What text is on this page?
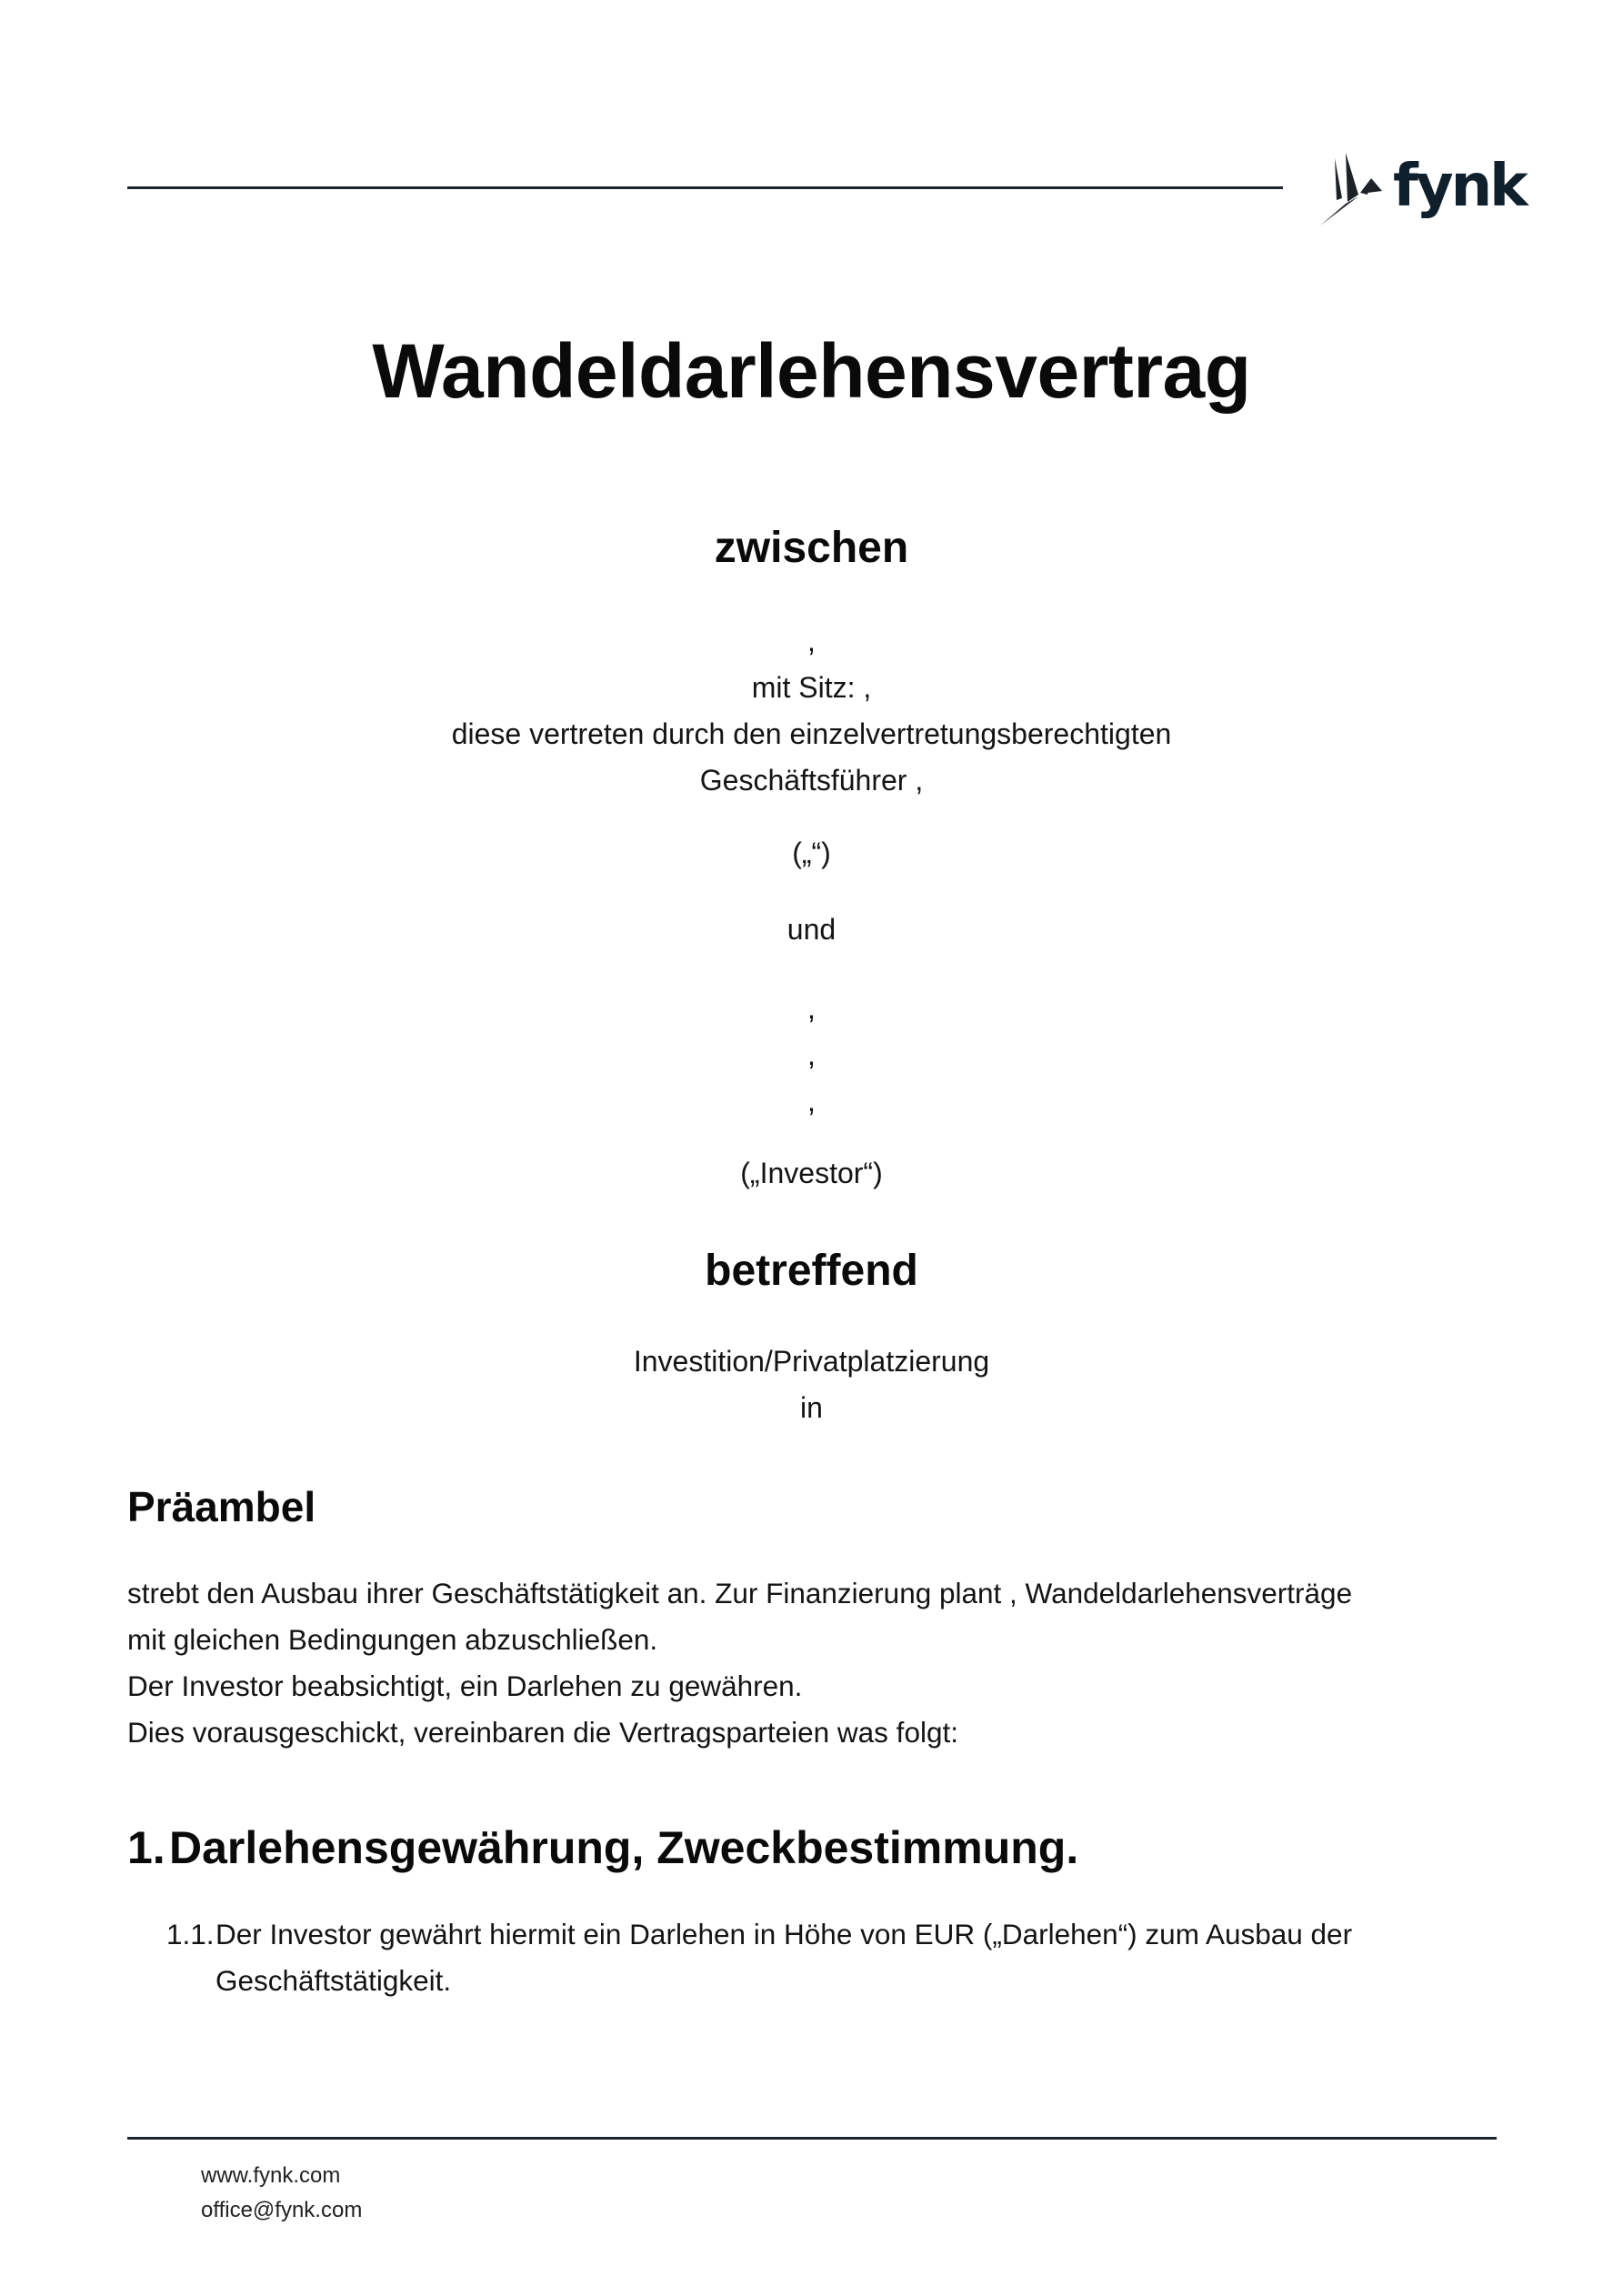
fynk
Wandeldarlehensvertrag
zwischen
,
mit Sitz: ,
diese vertreten durch den einzelvertretungsberechtigten
Geschäftsführer ,
(„“)
und
,
,
,
(„Investor“)
betreffend
Investition/Privatplatzierung
in
Präambel
strebt den Ausbau ihrer Geschäftstätigkeit an. Zur Finanzierung plant , Wandeldarlehensverträge
mit gleichen Bedingungen abzuschließen.
Der Investor beabsichtigt, ein Darlehen zu gewähren.
Dies vorausgeschickt, vereinbaren die Vertragsparteien was folgt:
1. Darlehensgewährung, Zweckbestimmung.
1.1. Der Investor gewährt hiermit ein Darlehen in Höhe von EUR („Darlehen“) zum Ausbau der Geschäftstätigkeit.
www.fynk.com
office@fynk.com
